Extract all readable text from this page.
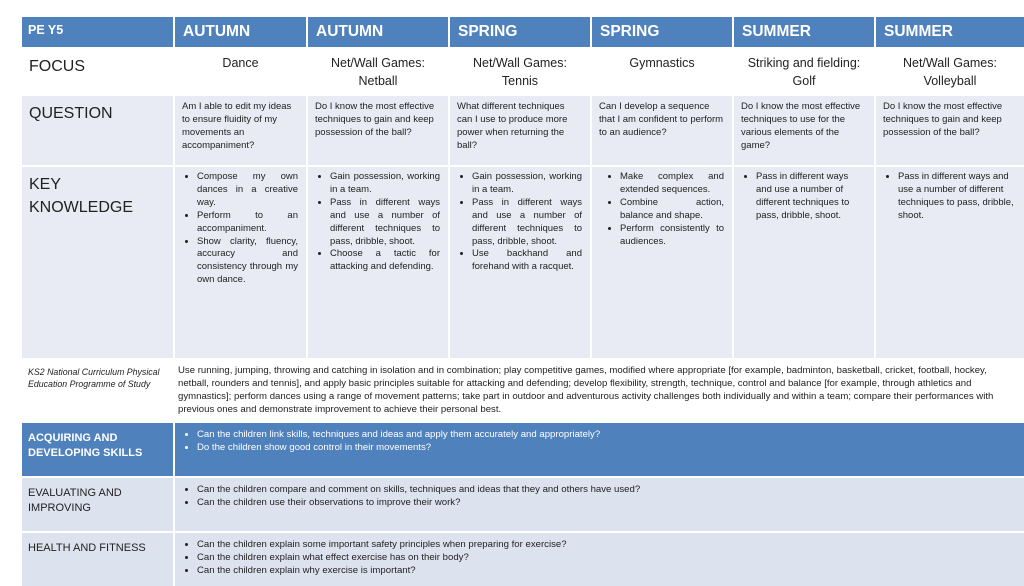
PE Y5	AUTUMN	AUTUMN	SPRING	SPRING	SUMMER	SUMMER
FOCUS	Dance	Net/Wall Games: Netball
Net/Wall Games: Tennis
Gymnastics	Striking and fielding: Golf
Net/Wall Games: Volleyball
QUESTION	Am I able to edit my ideas to ensure fluidity of my movements an accompaniment?
Do I know the most effective techniques to gain and keep possession of the ball?
What different techniques can I use to produce more power when returning the ball?
Can I develop a sequence that I am confident to perform to an audience?
Do I know the most effective techniques to use for the various elements of the game?
Do I know the most effective techniques to gain and keep possession of the ball?
KEY KNOWLEDGE
• Compose my own dances in a creative way.
• Perform to an accompaniment.
• Show clarity, fluency, accuracy and consistency through my own dance.
• Gain possession, working in a team.
• Pass in different ways and use a number of different techniques to pass, dribble, shoot.
• Choose a tactic for attacking and defending.
• Gain possession, working in a team.
• Pass in different ways and use a number of different techniques to pass, dribble, shoot.
• Use backhand and forehand with a racquet.
• Make complex and extended sequences.
• Combine action, balance and shape.
• Perform consistently to audiences.
• Pass in different ways and use a number of different techniques to pass, dribble, shoot.
• Pass in different ways and use a number of different techniques to pass, dribble, shoot.
KS2 National Curriculum Physical Education Programme of Study
Use running, jumping, throwing and catching in isolation and in combination; play competitive games, modified where appropriate [for example, badminton, basketball, cricket, football, hockey, netball, rounders and tennis], and apply basic principles suitable for attacking and defending; develop flexibility, strength, technique, control and balance [for example, through athletics and gymnastics]; perform dances using a range of movement patterns; take part in outdoor and adventurous activity challenges both individually and within a team; compare their performances with previous ones and demonstrate improvement to achieve their personal best.
ACQUIRING AND DEVELOPING SKILLS
• Can the children link skills, techniques and ideas and apply them accurately and appropriately?
• Do the children show good control in their movements?
EVALUATING AND IMPROVING
• Can the children compare and comment on skills, techniques and ideas that they and others have used?
• Can the children use their observations to improve their work?
HEALTH AND FITNESS
•	Can the children explain some important safety principles when preparing for exercise?
• Can the children explain what effect exercise has on their body?
• Can the children explain why exercise is important?
